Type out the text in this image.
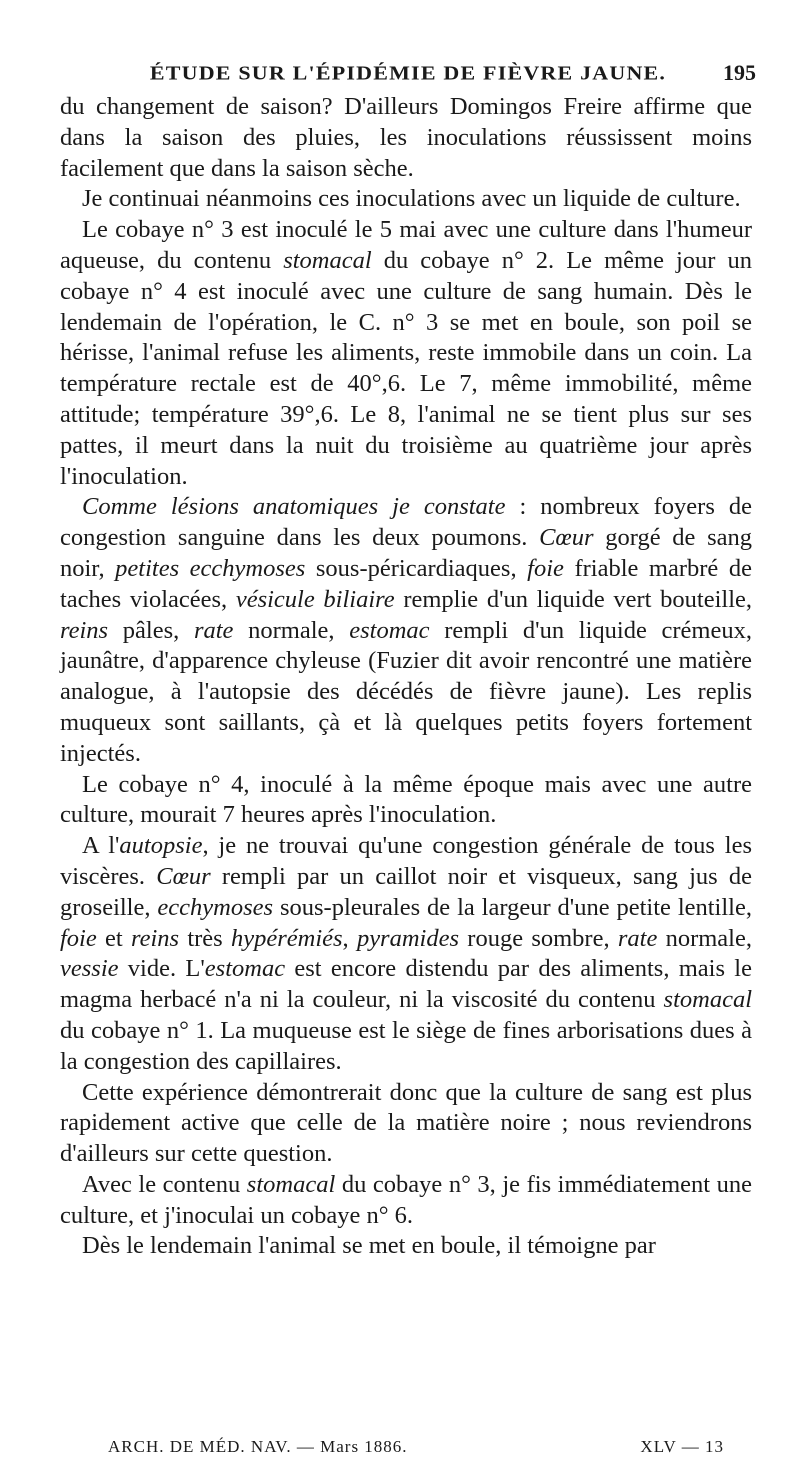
ÉTUDE SUR L'ÉPIDÉMIE DE FIÈVRE JAUNE.	195

du changement de saison? D'ailleurs Domingos Freire affirme que dans la saison des pluies, les inoculations réussissent moins facilement que dans la saison sèche.

Je continuai néanmoins ces inoculations avec un liquide de culture.

Le cobaye n° 3 est inoculé le 5 mai avec une culture dans l'humeur aqueuse, du contenu stomacal du cobaye n° 2. Le même jour un cobaye n° 4 est inoculé avec une culture de sang humain. Dès le lendemain de l'opération, le C. n° 3 se met en boule, son poil se hérisse, l'animal refuse les aliments, reste immobile dans un coin. La température rectale est de 40°,6. Le 7, même immobilité, même attitude; température 39°,6. Le 8, l'animal ne se tient plus sur ses pattes, il meurt dans la nuit du troisième au quatrième jour après l'inoculation.

Comme lésions anatomiques je constate : nombreux foyers de congestion sanguine dans les deux poumons. Cœur gorgé de sang noir, petites ecchymoses sous-péricardiaques, foie friable marbré de taches violacées, vésicule biliaire remplie d'un liquide vert bouteille, reins pâles, rate normale, estomac rempli d'un liquide crémeux, jaunâtre, d'apparence chyleuse (Fuzier dit avoir rencontré une matière analogue, à l'autopsie des décédés de fièvre jaune). Les replis muqueux sont saillants, çà et là quelques petits foyers fortement injectés.

Le cobaye n° 4, inoculé à la même époque mais avec une autre culture, mourait 7 heures après l'inoculation.

A l'autopsie, je ne trouvai qu'une congestion générale de tous les viscères. Cœur rempli par un caillot noir et visqueux, sang jus de groseille, ecchymoses sous-pleurales de la largeur d'une petite lentille, foie et reins très hypérémiés, pyramides rouge sombre, rate normale, vessie vide. L'estomac est encore distendu par des aliments, mais le magma herbacé n'a ni la couleur, ni la viscosité du contenu stomacal du cobaye n° 1. La muqueuse est le siège de fines arborisations dues à la congestion des capillaires.

Cette expérience démontrerait donc que la culture de sang est plus rapidement active que celle de la matière noire ; nous reviendrons d'ailleurs sur cette question.

Avec le contenu stomacal du cobaye n° 3, je fis immédiatement une culture, et j'inoculai un cobaye n° 6.

Dès le lendemain l'animal se met en boule, il témoigne par

ARCH. DE MÉD. NAV. — Mars 1886.	XLV — 13
